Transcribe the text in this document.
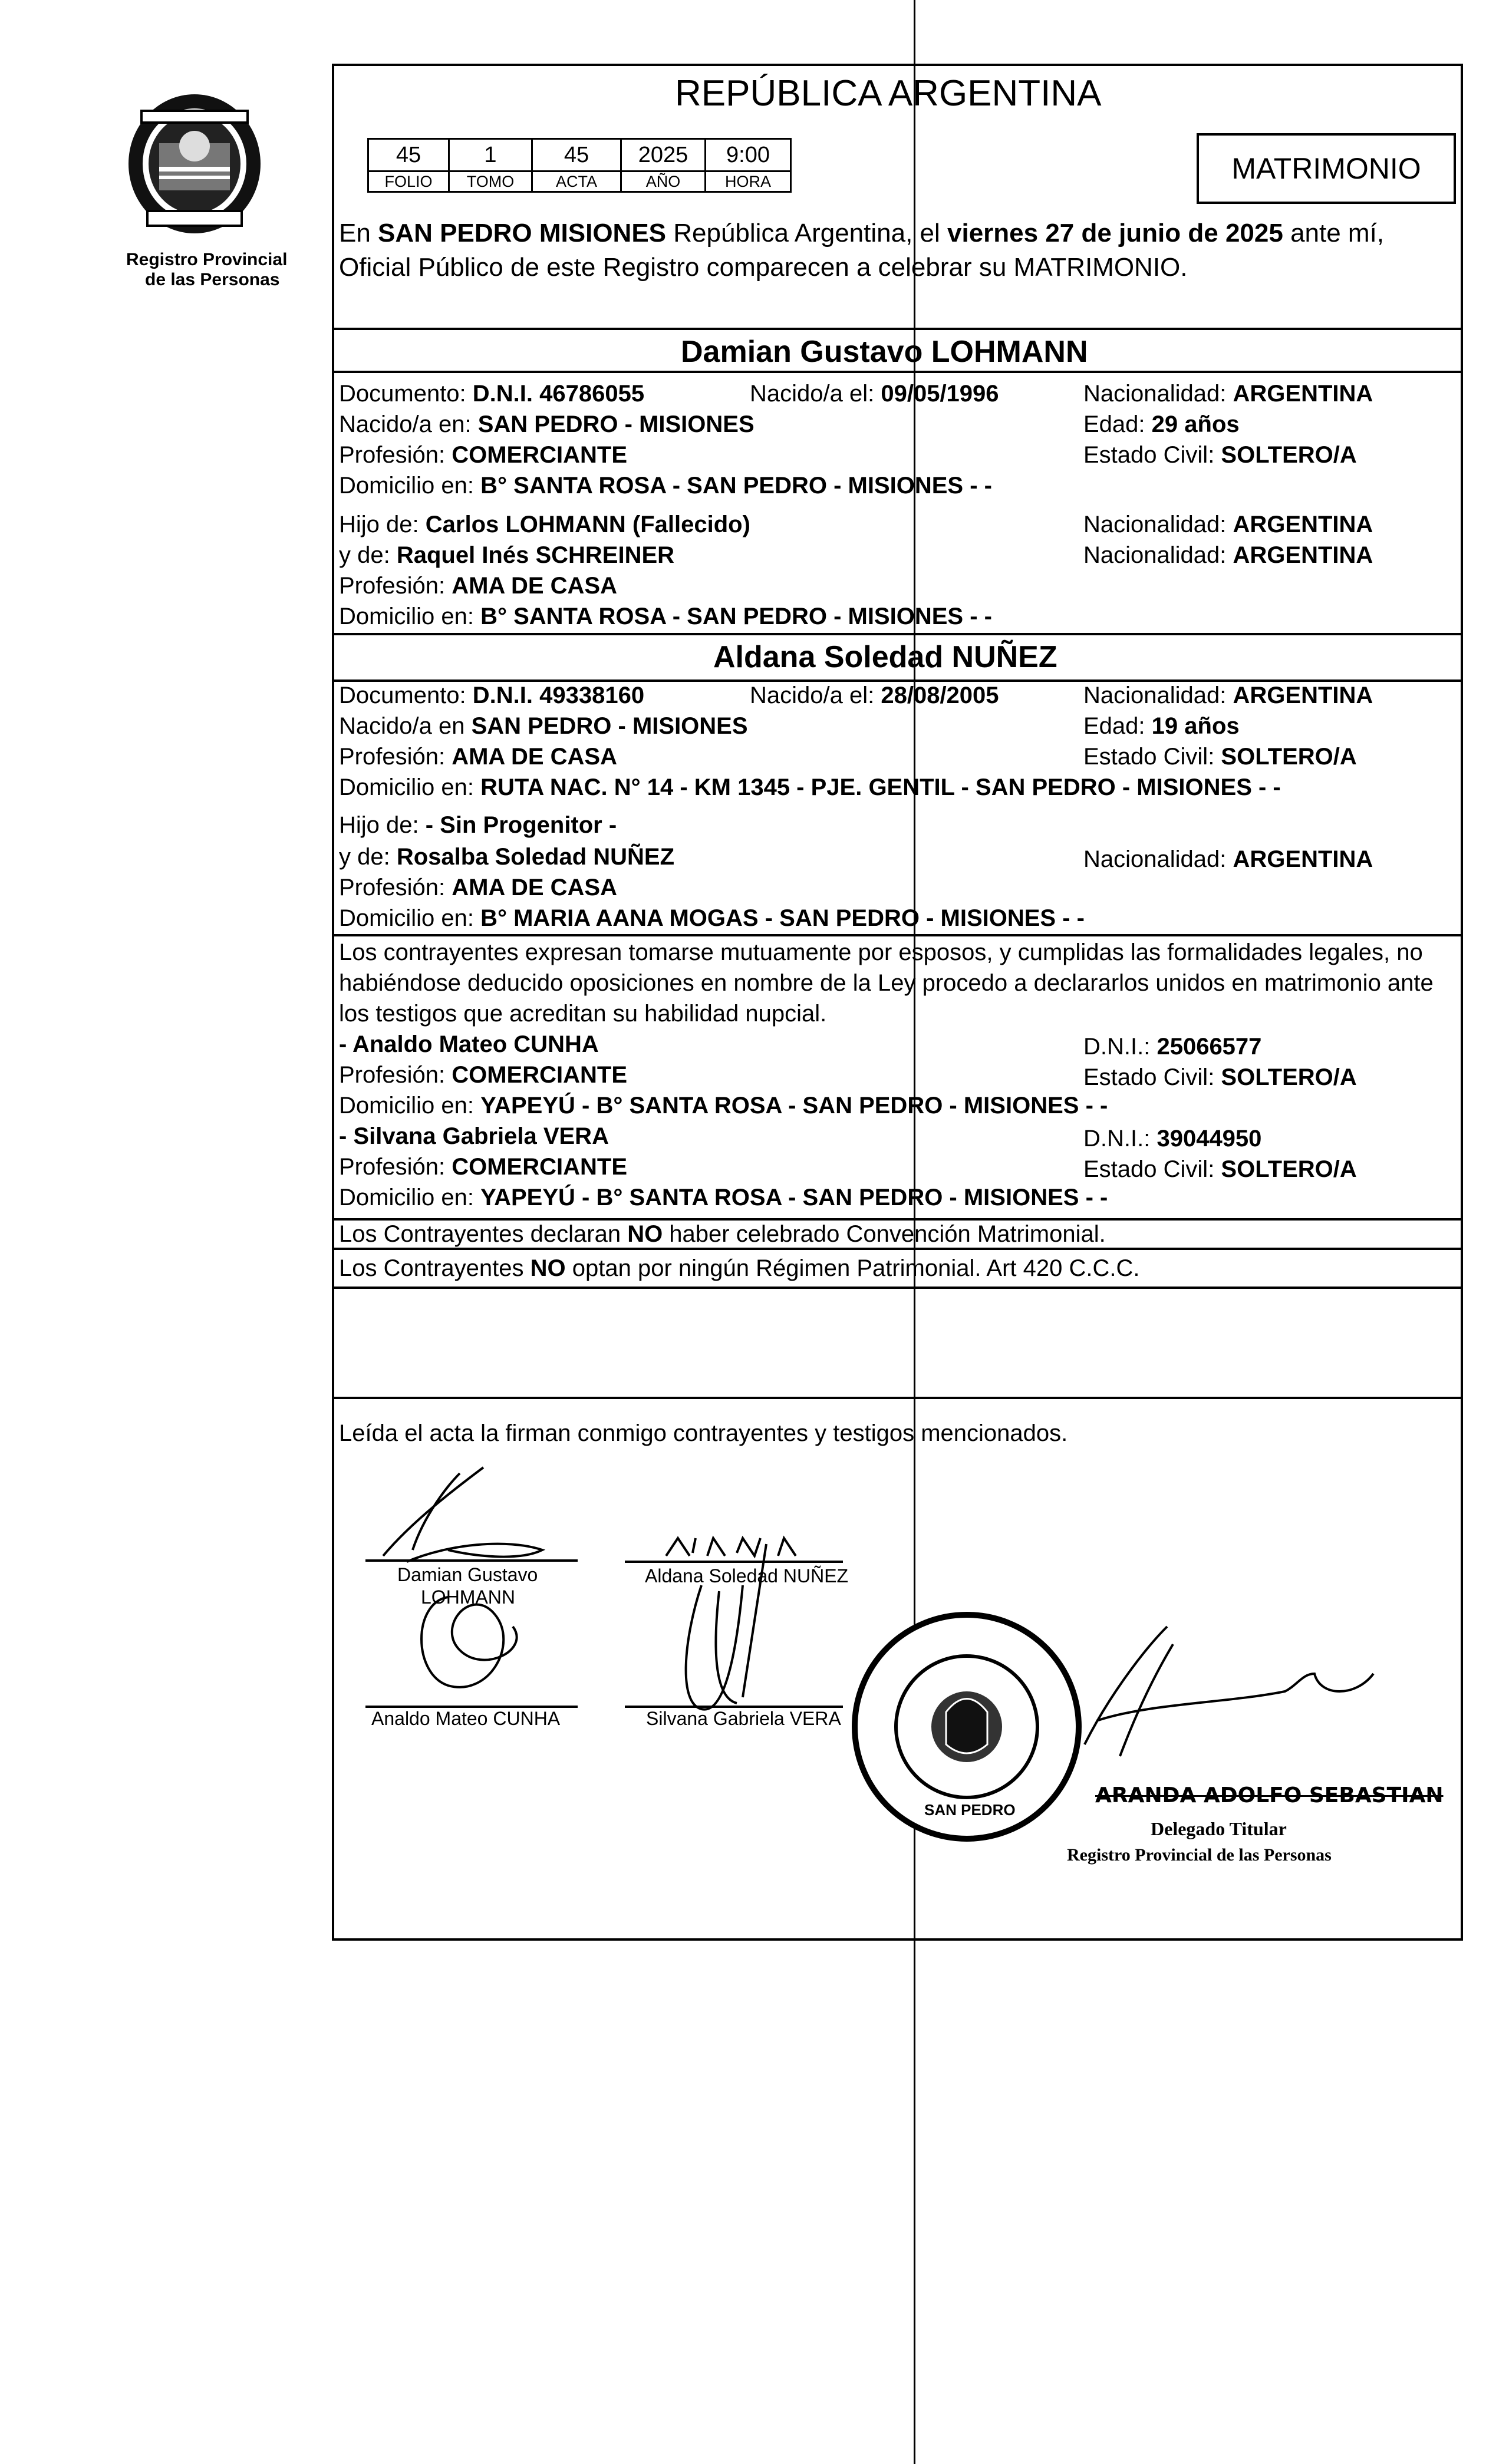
Registro Provincial
de las Personas
REPÚBLICA ARGENTINA
MATRIMONIO
45	1	45	2025	9:00
FOLIO	TOMO	ACTA	AÑO	HORA
En SAN PEDRO MISIONES República Argentina, el viernes 27 de junio de 2025 ante mí,
Oficial Público de este Registro comparecen a celebrar su MATRIMONIO.
Damian Gustavo LOHMANN
Documento: D.N.I. 46786055	Nacido/a el: 09/05/1996	Nacionalidad: ARGENTINA
Nacido/a en: SAN PEDRO - MISIONES	Edad: 29 años
Profesión: COMERCIANTE	Estado Civil: SOLTERO/A
Domicilio en: B° SANTA ROSA - SAN PEDRO - MISIONES - -
Hijo de: Carlos LOHMANN (Fallecido)	Nacionalidad: ARGENTINA
y de: Raquel Inés SCHREINER	Nacionalidad: ARGENTINA
Profesión: AMA DE CASA
Domicilio en: B° SANTA ROSA - SAN PEDRO - MISIONES - -
Aldana Soledad NUÑEZ
Documento: D.N.I. 49338160	Nacido/a el: 28/08/2005	Nacionalidad: ARGENTINA
Nacido/a en SAN PEDRO - MISIONES	Edad: 19 años
Profesión: AMA DE CASA	Estado Civil: SOLTERO/A
Domicilio en: RUTA NAC. N° 14 - KM 1345 - PJE. GENTIL - SAN PEDRO - MISIONES - -
Hijo de: - Sin Progenitor -
y de: Rosalba Soledad NUÑEZ	Nacionalidad: ARGENTINA
Profesión: AMA DE CASA
Domicilio en: B° MARIA AANA MOGAS - SAN PEDRO - MISIONES - -
Los contrayentes expresan tomarse mutuamente por esposos, y cumplidas las formalidades legales, no
habiéndose deducido oposiciones en nombre de la Ley procedo a declararlos unidos en matrimonio ante
los testigos que acreditan su habilidad nupcial.
- Analdo Mateo CUNHA	D.N.I.: 25066577
Profesión: COMERCIANTE	Estado Civil: SOLTERO/A
Domicilio en: YAPEYÚ - B° SANTA ROSA - SAN PEDRO - MISIONES - -
- Silvana Gabriela VERA	D.N.I.: 39044950
Profesión: COMERCIANTE	Estado Civil: SOLTERO/A
Domicilio en: YAPEYÚ - B° SANTA ROSA - SAN PEDRO - MISIONES - -
Los Contrayentes declaran NO haber celebrado Convención Matrimonial.
Los Contrayentes NO optan por ningún Régimen Patrimonial. Art 420 C.C.C.
Leída el acta la firman conmigo contrayentes y testigos mencionados.
Damian Gustavo
LOHMANN
Aldana Soledad NUÑEZ
Analdo Mateo CUNHA	Silvana Gabriela VERA
SAN PEDRO
ARANDA ADOLFO SEBASTIAN
Delegado Titular
Registro Provincial de las Personas
